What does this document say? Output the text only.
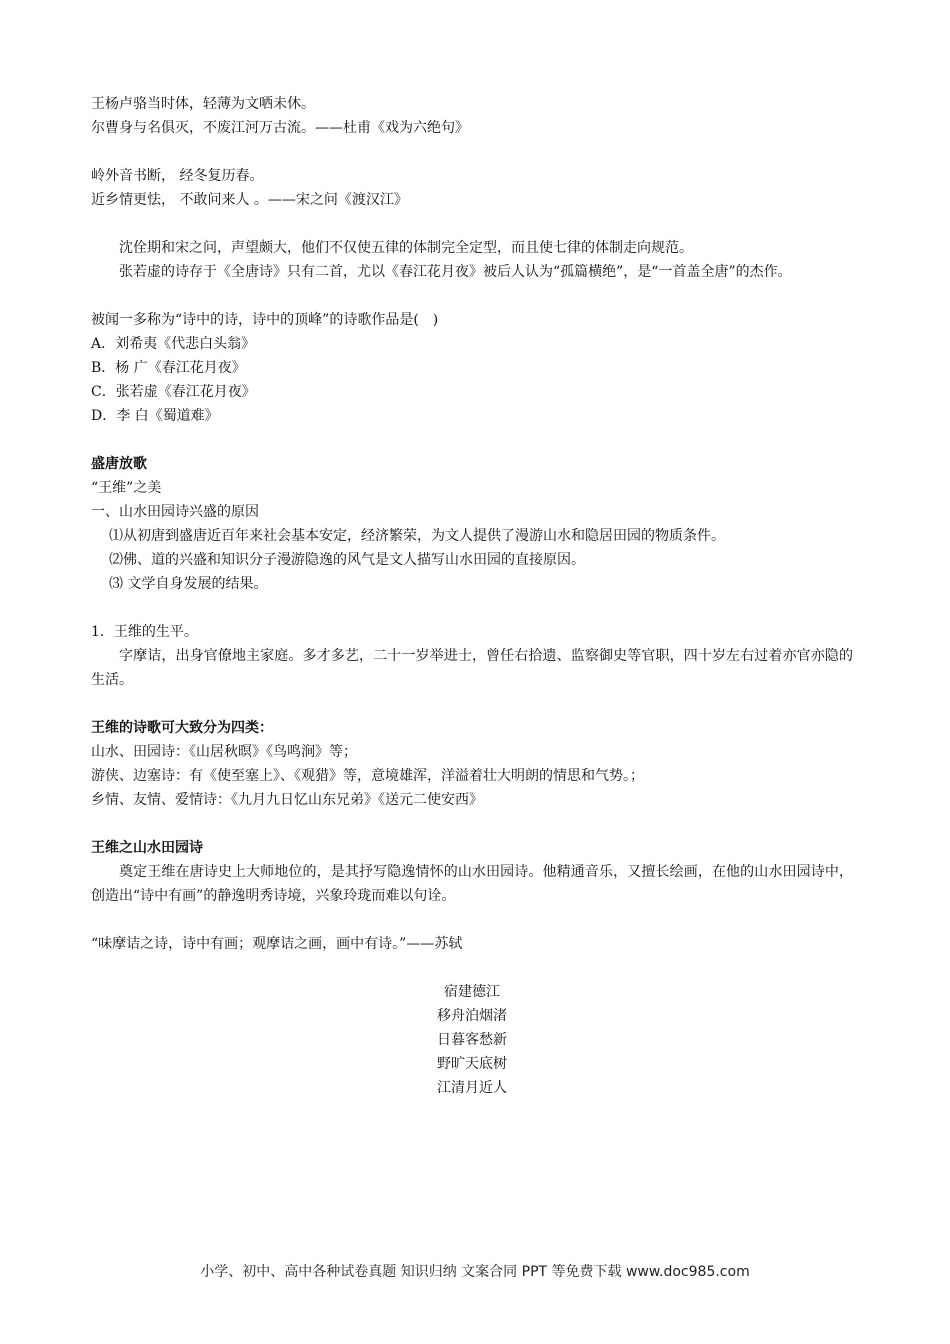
王杨卢骆当时体，轻薄为文哂未休。

尔曹身与名俱灭，不废江河万古流。——杜甫《戏为六绝句》

岭外音书断， 经冬复历春。

近乡情更怯， 不敢问来人 。——宋之问《渡汉江》

沈佺期和宋之问，声望颇大，他们不仅使五律的体制完全定型，而且使七律的体制走向规范。

张若虚的诗存于《全唐诗》只有二首，尤以《春江花月夜》被后人认为“孤篇横绝”，是“一首盖全唐”的杰作。

被闻一多称为“诗中的诗，诗中的顶峰”的诗歌作品是(　)

A．刘希夷《代悲白头翁》

B．杨 广《春江花月夜》

C．张若虚《春江花月夜》

D．李 白《蜀道难》

盛唐放歌

“王维”之美

一、山水田园诗兴盛的原因

⑴从初唐到盛唐近百年来社会基本安定，经济繁荣，为文人提供了漫游山水和隐居田园的物质条件。

⑵佛、道的兴盛和知识分子漫游隐逸的风气是文人描写山水田园的直接原因。

⑶ 文学自身发展的结果。

1．王维的生平。

字摩诘，出身官僚地主家庭。多才多艺，二十一岁举进士，曾任右拾遗、监察御史等官职，四十岁左右过着亦官亦隐的生活。

王维的诗歌可大致分为四类：

山水、田园诗：《山居秋暝》《鸟鸣涧》等；

游侠、边塞诗：有《使至塞上》、《观猎》等，意境雄浑，洋溢着壮大明朗的情思和气势。；

乡情、友情、爱情诗：《九月九日忆山东兄弟》《送元二使安西》

王维之山水田园诗

奠定王维在唐诗史上大师地位的，是其抒写隐逸情怀的山水田园诗。他精通音乐，又擅长绘画，在他的山水田园诗中，创造出“诗中有画”的静逸明秀诗境，兴象玲珑而难以句诠。

“味摩诘之诗，诗中有画；观摩诘之画，画中有诗。”——苏轼

宿建德江

移舟泊烟渚

日暮客愁新

野旷天底树

江清月近人

小学、初中、高中各种试卷真题 知识归纳 文案合同 PPT 等免费下载 www.doc985.com
